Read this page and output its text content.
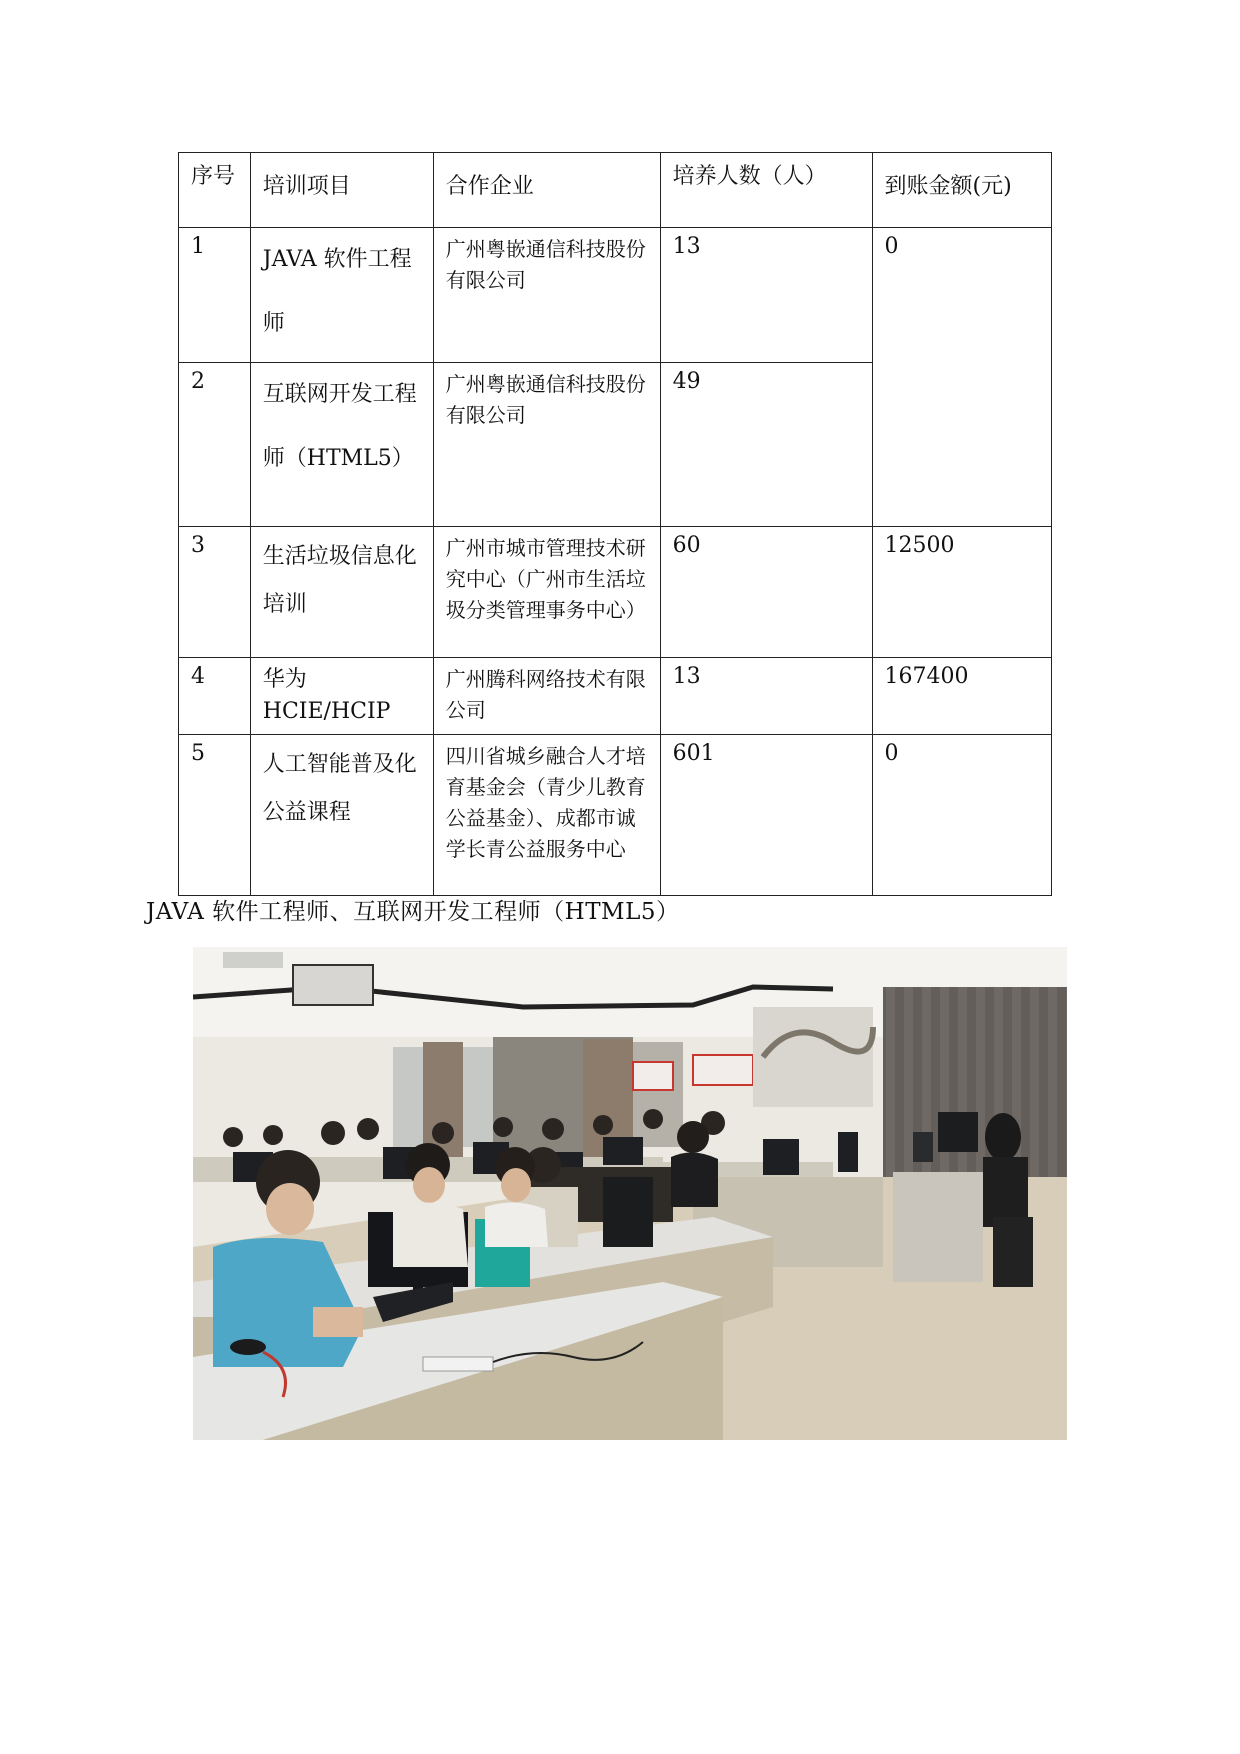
序号	培训项目	合作企业	培养人数（人）	到账金额(元)
1	JAVA 软件工程师	广州粤嵌通信科技股份有限公司	13	0
2	互联网开发工程师（HTML5）	广州粤嵌通信科技股份有限公司	49	
3	生活垃圾信息化培训	广州市城市管理技术研究中心（广州市生活垃圾分类管理事务中心）	60	12500
4	华为 HCIE/HCIP	广州腾科网络技术有限公司	13	167400
5	人工智能普及化公益课程	四川省城乡融合人才培育基金会（青少儿教育公益基金）、成都市诚学长青公益服务中心	601	0
JAVA 软件工程师、互联网开发工程师（HTML5）
